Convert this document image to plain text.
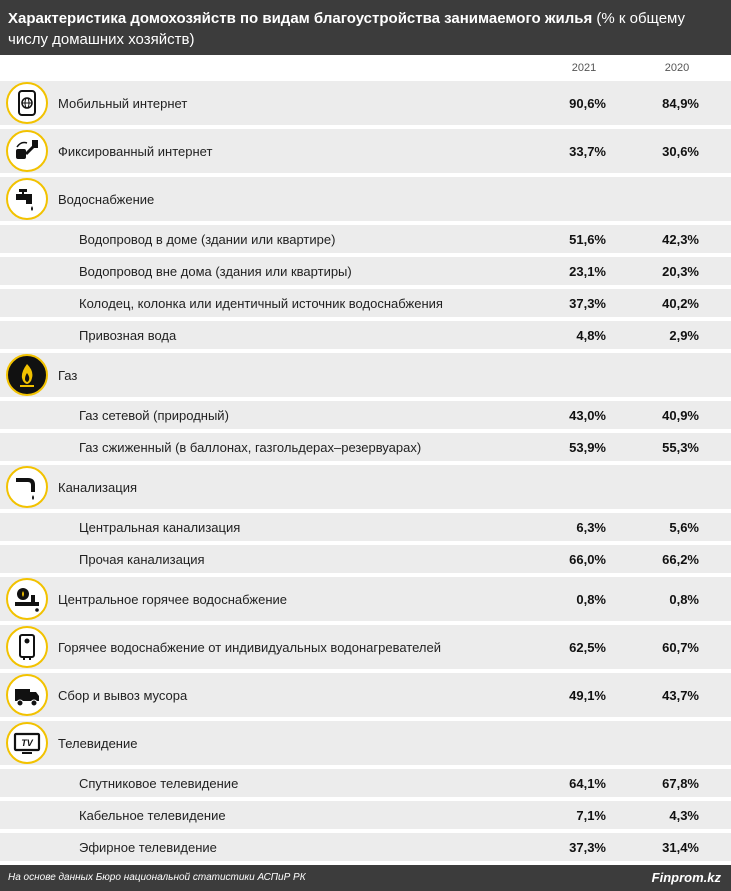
Характеристика домохозяйств по видам благоустройства занимаемого жилья (% к общему числу домашних хозяйств)
2021	2020
Мобильный интернет	90,6%	84,9%
Фиксированный интернет	33,7%	30,6%
Водоснабжение
Водопровод в доме (здании или квартире)	51,6%	42,3%
Водопровод вне дома (здания или квартиры)	23,1%	20,3%
Колодец, колонка или идентичный источник водоснабжения	37,3%	40,2%
Привозная вода	4,8%	2,9%
Газ
Газ сетевой (природный)	43,0%	40,9%
Газ сжиженный (в баллонах, газгольдерах–резервуарах)	53,9%	55,3%
Канализация
Центральная канализация	6,3%	5,6%
Прочая канализация	66,0%	66,2%
Центральное горячее водоснабжение	0,8%	0,8%
Горячее водоснабжение от индивидуальных водонагревателей	62,5%	60,7%
Сбор и вывоз мусора	49,1%	43,7%
TV Телевидение
Спутниковое телевидение	64,1%	67,8%
Кабельное телевидение	7,1%	4,3%
Эфирное телевидение	37,3%	31,4%
На основе данных Бюро национальной статистики АСПиР РК	Finprom.kz
